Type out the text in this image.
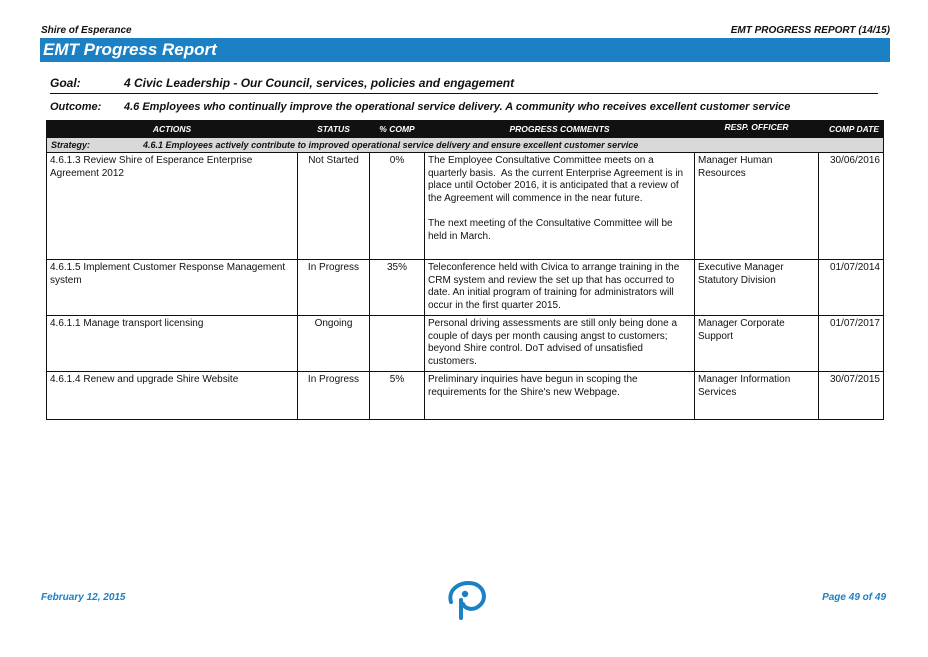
Shire of Esperance	EMT PROGRESS REPORT (14/15)
EMT Progress Report
Goal:	4 Civic Leadership - Our Council, services, policies and engagement
Outcome: 4.6 Employees who continually improve the operational service delivery. A community who receives excellent customer service
ACTIONS	STATUS	% COMP	PROGRESS COMMENTS	RESP. OFFICER	COMP DATE
Strategy: 4.6.1 Employees actively contribute to improved operational service delivery and ensure excellent customer service					
4.6.1.3 Review Shire of Esperance Enterprise Agreement 2012	Not Started	0%	The Employee Consultative Committee meets on a quarterly basis.  As the current Enterprise Agreement is in place until October 2016, it is anticipated that a review of the Agreement will commence in the near future.

The next meeting of the Consultative Committee will be held in March.	Manager Human Resources	30/06/2016
4.6.1.5 Implement Customer Response Management system	In Progress	35%	Teleconference held with Civica to arrange training in the CRM system and review the set up that has occurred to date. An initial program of training for administrators will occur in the first quarter 2015.	Executive Manager Statutory Division	01/07/2014
4.6.1.1 Manage transport licensing	Ongoing		Personal driving assessments are still only being done a couple of days per month causing angst to customers; beyond Shire control. DoT advised of unsatisfied customers.	Manager Corporate Support	01/07/2017
4.6.1.4 Renew and upgrade Shire Website	In Progress	5%	Preliminary inquiries have begun in scoping the requirements for the Shire's new Webpage.	Manager Information Services	30/07/2015
February 12, 2015	Page 49 of 49
